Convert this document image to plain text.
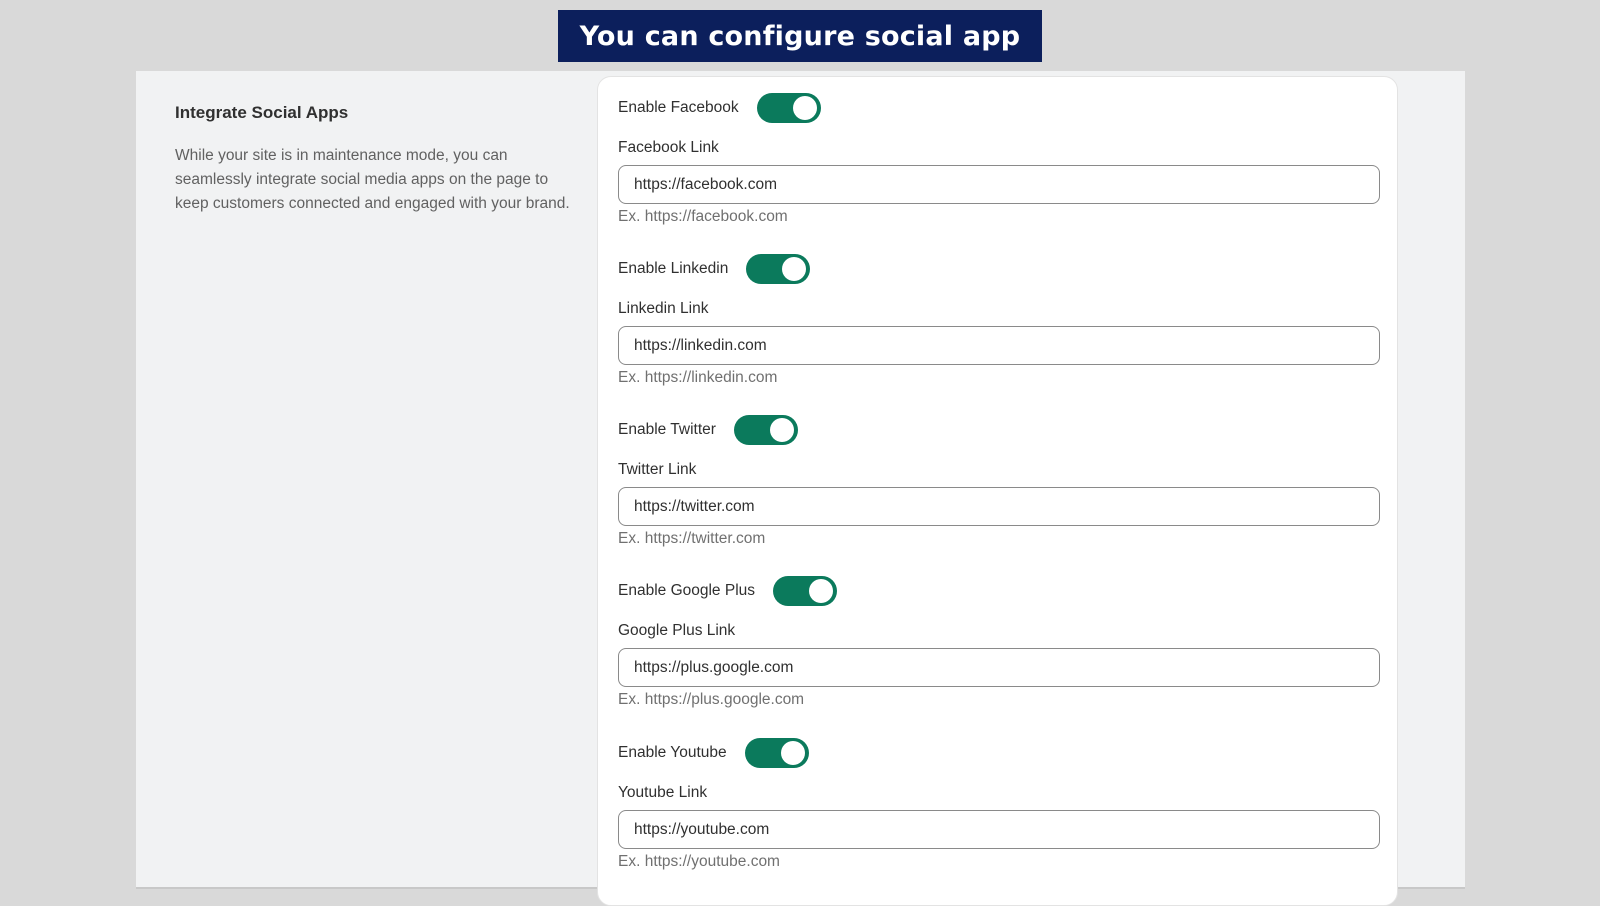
You can configure social app
Integrate Social Apps

While your site is in maintenance mode, you can seamlessly integrate social media apps on the page to keep customers connected and engaged with your brand.

Enable Facebook
Facebook Link
https://facebook.com
Ex. https://facebook.com
Enable Linkedin
Linkedin Link
https://linkedin.com
Ex. https://linkedin.com
Enable Twitter
Twitter Link
https://twitter.com
Ex. https://twitter.com
Enable Google Plus
Google Plus Link
https://plus.google.com
Ex. https://plus.google.com
Enable Youtube
Youtube Link
https://youtube.com
Ex. https://youtube.com
